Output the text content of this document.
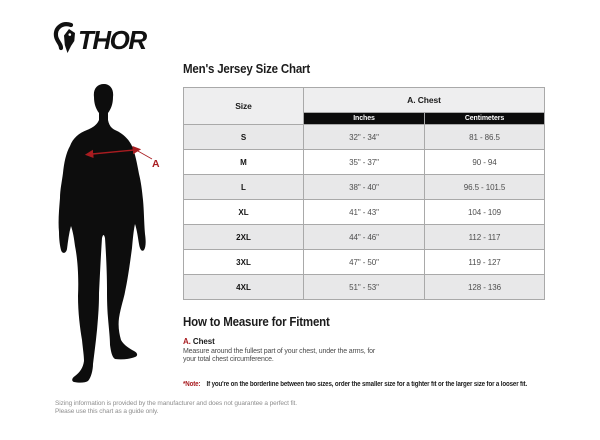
THOR
A
Men's Jersey Size Chart
Size	A. Chest	
	Inches	Centimeters
S	32" - 34"	81 - 86.5
M	35" - 37"	90 - 94
L	38" - 40"	96.5 - 101.5
XL	41" - 43"	104 - 109
2XL	44" - 46"	112 - 117
3XL	47" - 50"	119 - 127
4XL	51" - 53"	128 - 136
How to Measure for Fitment
A. Chest
Measure around the fullest part of your chest, under the arms, for your total chest circumference.
*Note: If you're on the borderline between two sizes, order the smaller size for a tighter fit or the larger size for a looser fit.
Sizing information is provided by the manufacturer and does not guarantee a perfect fit.
Please use this chart as a guide only.
